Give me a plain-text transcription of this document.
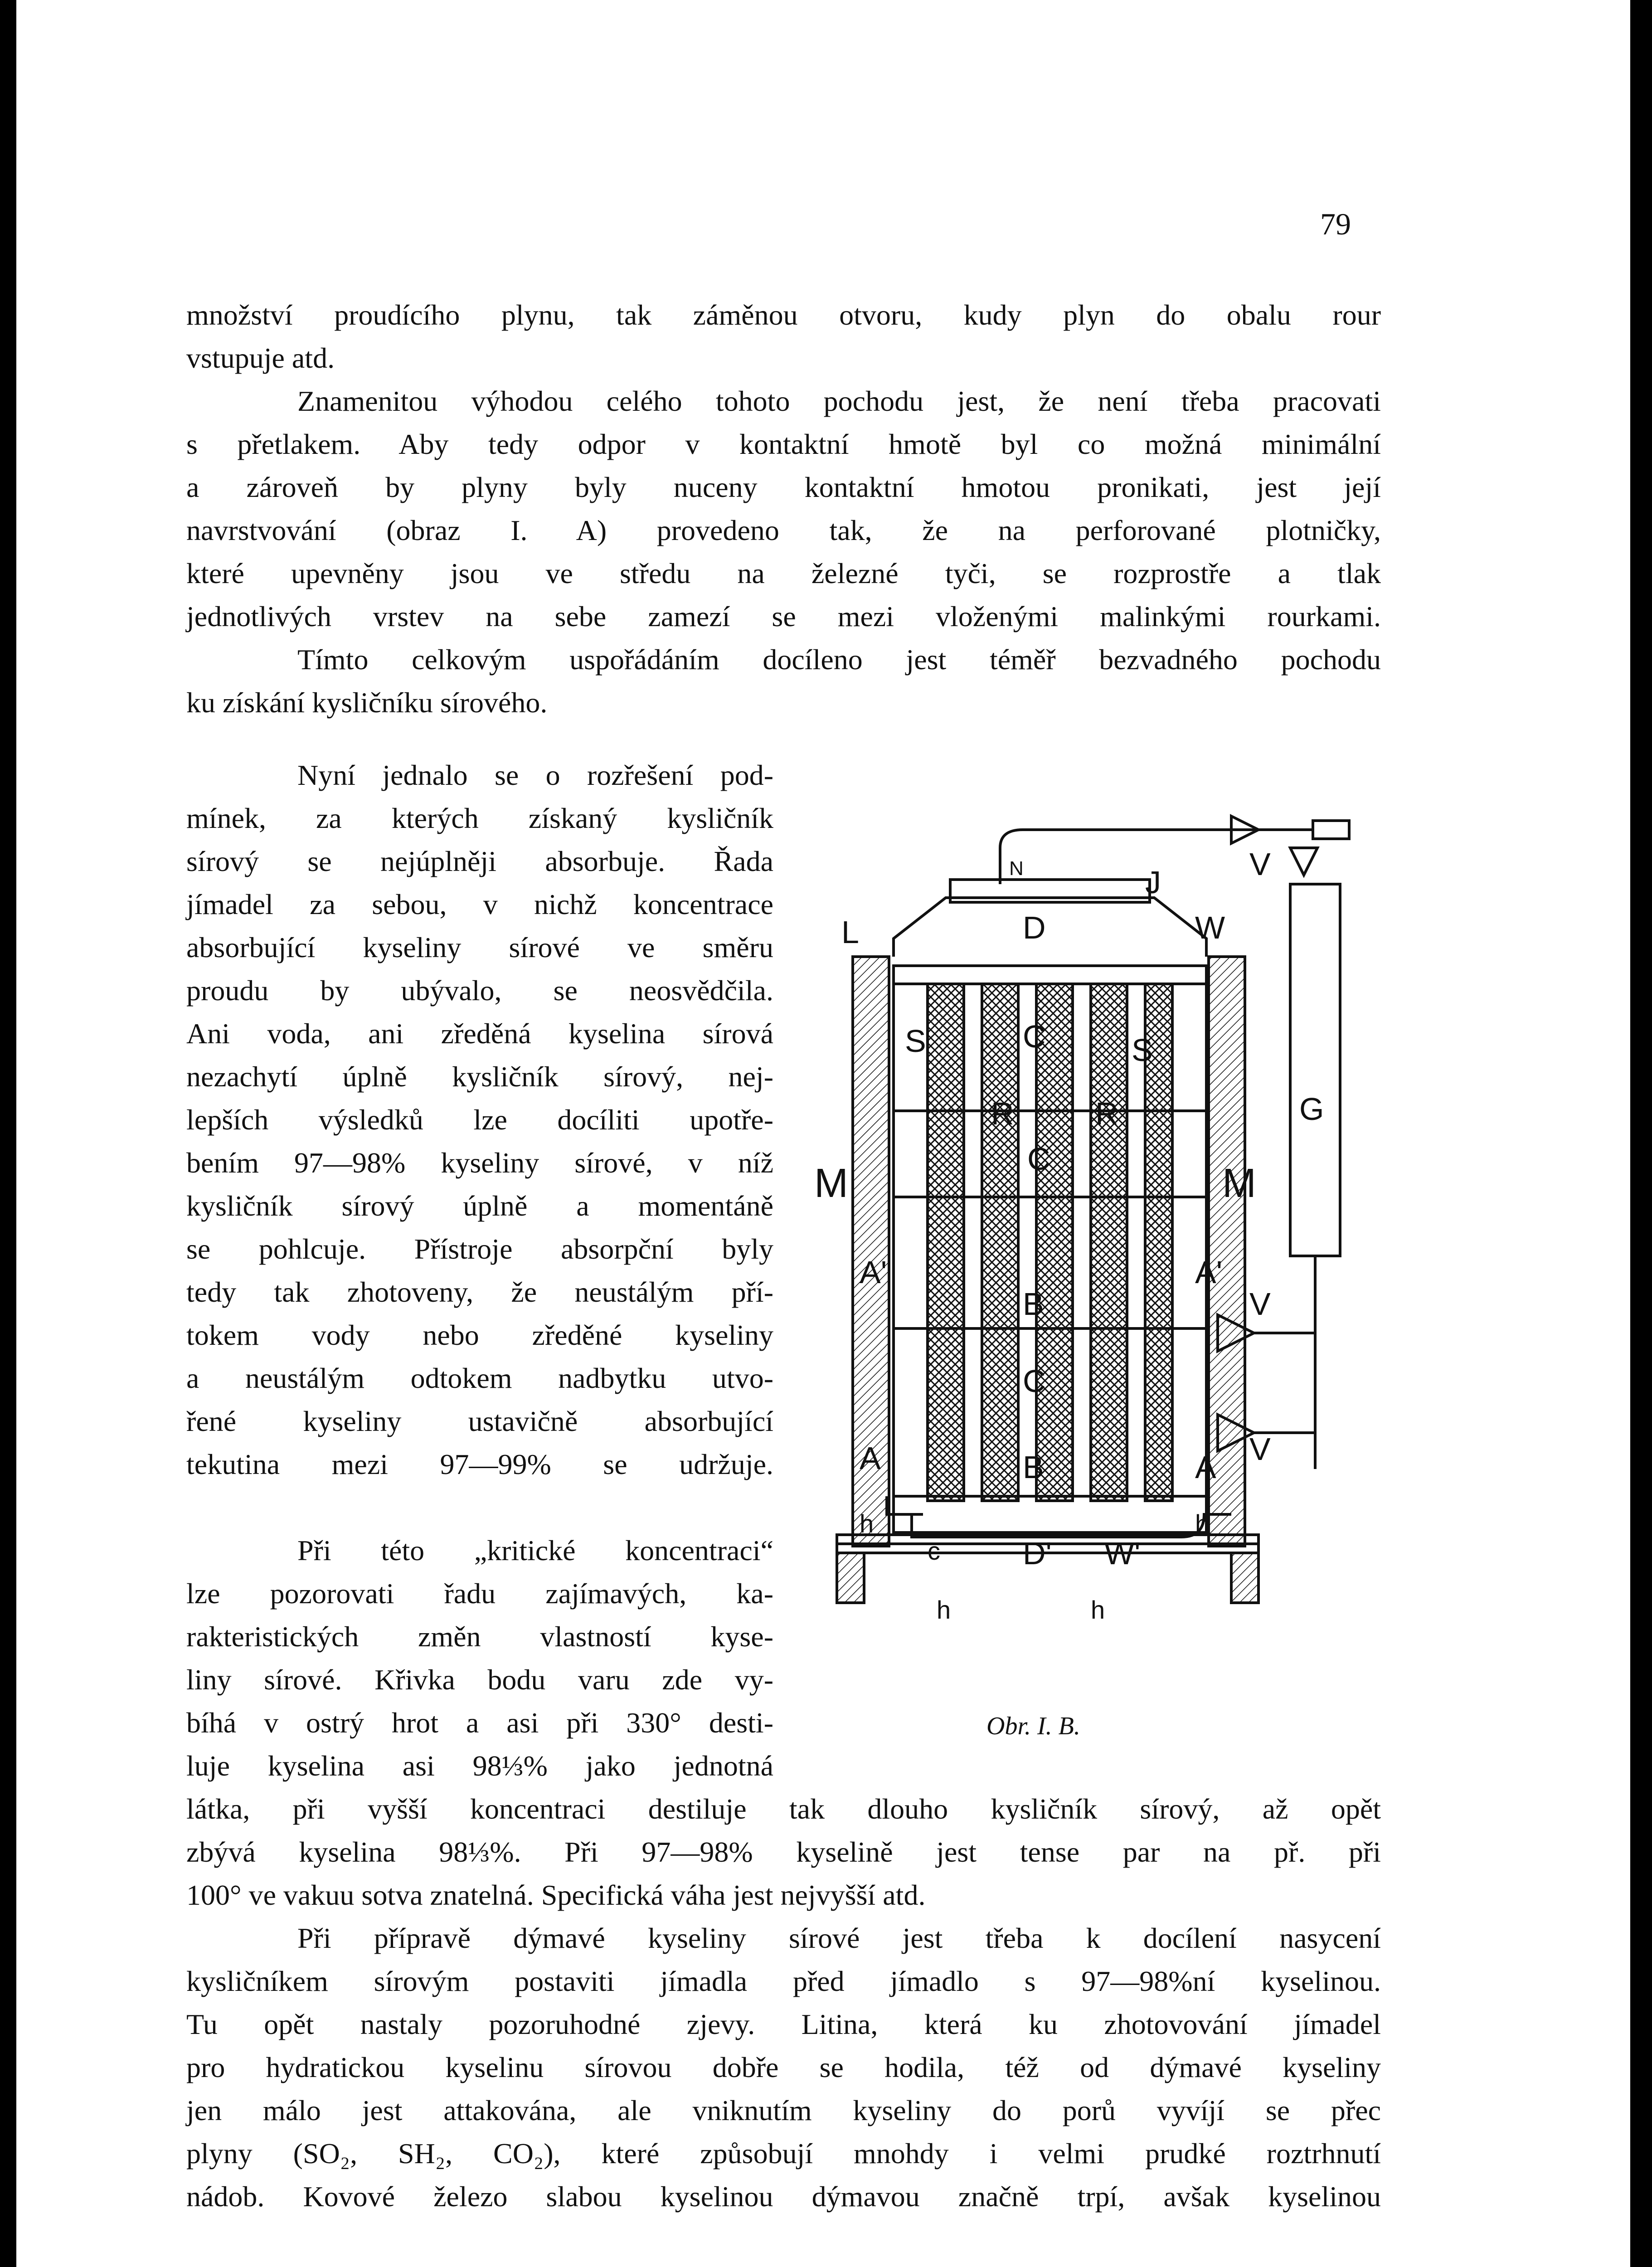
79
množství proudícího plynu, tak záměnou otvoru, kudy plyn do obalu rour
vstupuje atd.
Znamenitou výhodou celého tohoto pochodu jest, že není třeba pracovati
s přetlakem. Aby tedy odpor v kontaktní hmotě byl co možná minimální
a zároveň by plyny byly nuceny kontaktní hmotou pronikati, jest její
navrstvování (obraz I. A) provedeno tak, že na perforované plotničky,
které upevněny jsou ve středu na železné tyči, se rozprostře a tlak
jednotlivých vrstev na sebe zamezí se mezi vloženými malinkými rourkami.
Tímto celkovým uspořádáním docíleno jest téměř bezvadného pochodu
ku získání kysličníku sírového.
Nyní jednalo se o rozřešení pod-
mínek, za kterých získaný kysličník
sírový se nejúplněji absorbuje. Řada
jímadel za sebou, v nichž koncentrace
absorbující kyseliny sírové ve směru
proudu by ubývalo, se neosvědčila.
Ani voda, ani zředěná kyselina sírová
nezachytí úplně kysličník sírový, nej-
lepších výsledků lze docíliti upotře-
bením 97—98% kyseliny sírové, v níž
kysličník sírový úplně a momentáně
se pohlcuje. Přístroje absorpční byly
tedy tak zhotoveny, že neustálým pří-
tokem vody nebo zředěné kyseliny
a neustálým odtokem nadbytku utvo-
řené kyseliny ustavičně absorbující
tekutina mezi 97—99% se udržuje.
Při této „kritické koncentraci“
lze pozorovati řadu zajímavých, ka-
rakteristických změn vlastností kyse-
liny sírové. Křivka bodu varu zde vy-
bíhá v ostrý hrot a asi při 330° desti-
luje kyselina asi 98⅓% jako jednotná
látka, při vyšší koncentraci destiluje tak dlouho kysličník sírový, až opět
zbývá kyselina 98⅓%. Při 97—98% kyselině jest tense par na př. při
100° ve vakuu sotva znatelná. Specifická váha jest nejvyšší atd.
Při přípravě dýmavé kyseliny sírové jest třeba k docílení nasycení
kysličníkem sírovým postaviti jímadla před jímadlo s 97—98%ní kyselinou.
Tu opět nastaly pozoruhodné zjevy. Litina, která ku zhotovování jímadel
pro hydratickou kyselinu sírovou dobře se hodila, též od dýmavé kyseliny
jen málo jest attakována, ale vniknutím kyseliny do porů vyvíjí se přec
plyny (SO₂, SH₂, CO₂), které způsobují mnohdy i velmi prudké roztrhnutí
nádob. Kovové železo slabou kyselinou dýmavou značně trpí, avšak kyselinou
J
V
N
L	D	W
S	C	S
G
R
C
R
M	M
A'
B
A'
V
C
A	B	A
V
h
c	D' W'
h
h	h
Obr. I. B.
